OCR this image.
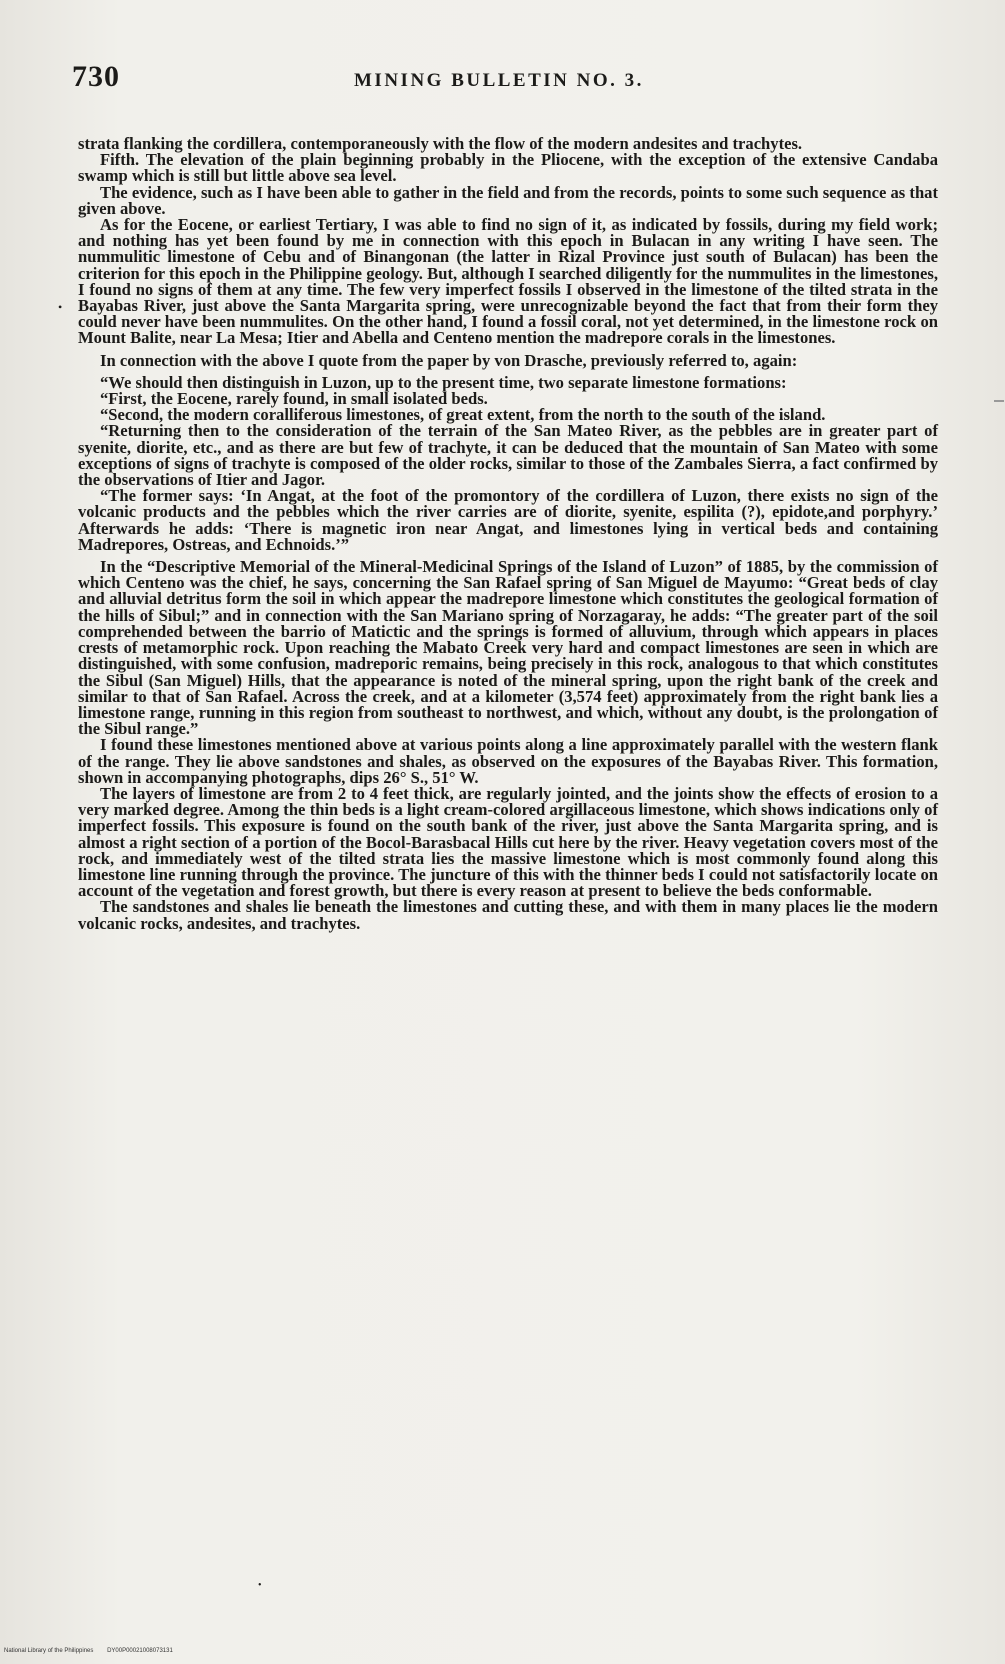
730	MINING BULLETIN NO. 3.
•

strata flanking the cordillera, contemporaneously with the flow of the modern andesites and trachytes.

Fifth. The elevation of the plain beginning probably in the Pliocene, with the exception of the extensive Candaba swamp which is still but little above sea level.

The evidence, such as I have been able to gather in the field and from the records, points to some such sequence as that given above.

As for the Eocene, or earliest Tertiary, I was able to find no sign of it, as indicated by fossils, during my field work; and nothing has yet been found by me in connection with this epoch in Bulacan in any writing I have seen. The nummulitic limestone of Cebu and of Binangonan (the latter in Rizal Province just south of Bulacan) has been the criterion for this epoch in the Philippine geology. But, although I searched diligently for the nummulites in the limestones, I found no signs of them at any time. The few very imperfect fossils I observed in the limestone of the tilted strata in the Bayabas River, just above the Santa Margarita spring, were unrecognizable beyond the fact that from their form they could never have been nummulites. On the other hand, I found a fossil coral, not yet determined, in the limestone rock on Mount Balite, near La Mesa; Itier and Abella and Centeno mention the madrepore corals in the limestones.

In connection with the above I quote from the paper by von Drasche, previously referred to, again:

“We should then distinguish in Luzon, up to the present time, two separate limestone formations:

“First, the Eocene, rarely found, in small isolated beds.

“Second, the modern coralliferous limestones, of great extent, from the north to the south of the island.

“Returning then to the consideration of the terrain of the San Mateo River, as the pebbles are in greater part of syenite, diorite, etc., and as there are but few of trachyte, it can be deduced that the mountain of San Mateo with some exceptions of signs of trachyte is composed of the older rocks, similar to those of the Zambales Sierra, a fact confirmed by the observations of Itier and Jagor.

“The former says: ‘In Angat, at the foot of the promontory of the cordillera of Luzon, there exists no sign of the volcanic products and the pebbles which the river carries are of diorite, syenite, espilita (?), epidote,and porphyry.’ Afterwards he adds: ‘There is magnetic iron near Angat, and limestones lying in vertical beds and containing Madrepores, Ostreas, and Echnoids.’”

In the “Descriptive Memorial of the Mineral-Medicinal Springs of the Island of Luzon” of 1885, by the commission of which Centeno was the chief, he says, concerning the San Rafael spring of San Miguel de Mayumo: “Great beds of clay and alluvial detritus form the soil in which appear the madrepore limestone which constitutes the geological formation of the hills of Sibul;” and in connection with the San Mariano spring of Norzagaray, he adds: “The greater part of the soil comprehended between the barrio of Matictic and the springs is formed of alluvium, through which appears in places crests of metamorphic rock. Upon reaching the Mabato Creek very hard and compact limestones are seen in which are distinguished, with some confusion, madreporic remains, being precisely in this rock, analogous to that which constitutes the Sibul (San Miguel) Hills, that the appearance is noted of the mineral spring, upon the right bank of the creek and similar to that of San Rafael. Across the creek, and at a kilometer (3,574 feet) approximately from the right bank lies a limestone range, running in this region from southeast to northwest, and which, without any doubt, is the prolongation of the Sibul range.”

I found these limestones mentioned above at various points along a line approximately parallel with the western flank of the range. They lie above sandstones and shales, as observed on the exposures of the Bayabas River. This formation, shown in accompanying photographs, dips 26° S., 51° W.

The layers of limestone are from 2 to 4 feet thick, are regularly jointed, and the joints show the effects of erosion to a very marked degree. Among the thin beds is a light cream-colored argillaceous limestone, which shows indications only of imperfect fossils. This exposure is found on the south bank of the river, just above the Santa Margarita spring, and is almost a right section of a portion of the Bocol-Barasbacal Hills cut here by the river. Heavy vegetation covers most of the rock, and immediately west of the tilted strata lies the massive limestone which is most commonly found along this limestone line running through the province. The juncture of this with the thinner beds I could not satisfactorily locate on account of the vegetation and forest growth, but there is every reason at present to believe the beds conformable.

The sandstones and shales lie beneath the limestones and cutting these, and with them in many places lie the modern volcanic rocks, andesites, and trachytes.

•
National Library of the Philippines DY00P00021008073131
